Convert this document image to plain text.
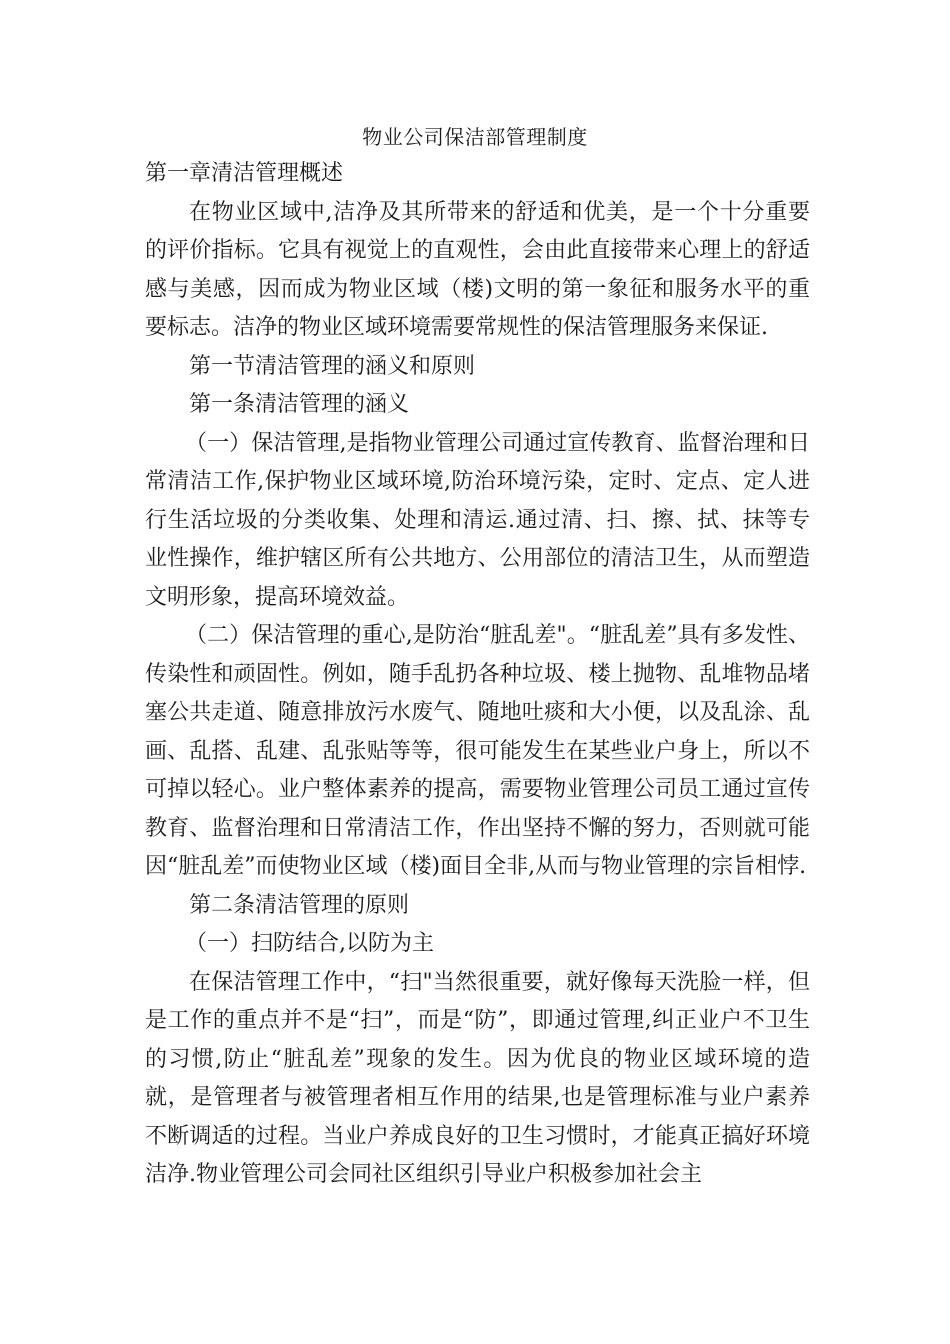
物业公司保洁部管理制度

第一章清洁管理概述

在物业区域中,洁净及其所带来的舒适和优美，是一个十分重要的评价指标。它具有视觉上的直观性，会由此直接带来心理上的舒适感与美感，因而成为物业区域（楼)文明的第一象征和服务水平的重要标志。洁净的物业区域环境需要常规性的保洁管理服务来保证.

第一节清洁管理的涵义和原则

第一条清洁管理的涵义

（一）保洁管理,是指物业管理公司通过宣传教育、监督治理和日常清洁工作,保护物业区域环境,防治环境污染，定时、定点、定人进行生活垃圾的分类收集、处理和清运.通过清、扫、擦、拭、抹等专业性操作，维护辖区所有公共地方、公用部位的清洁卫生，从而塑造文明形象，提高环境效益。

（二）保洁管理的重心,是防治“脏乱差"。“脏乱差”具有多发性、传染性和顽固性。例如，随手乱扔各种垃圾、楼上抛物、乱堆物品堵塞公共走道、随意排放污水废气、随地吐痰和大小便，以及乱涂、乱画、乱搭、乱建、乱张贴等等，很可能发生在某些业户身上，所以不可掉以轻心。业户整体素养的提高，需要物业管理公司员工通过宣传教育、监督治理和日常清洁工作，作出坚持不懈的努力，否则就可能因“脏乱差”而使物业区域（楼)面目全非,从而与物业管理的宗旨相悖.

第二条清洁管理的原则

（一）扫防结合,以防为主

在保洁管理工作中，“扫"当然很重要，就好像每天洗脸一样，但是工作的重点并不是“扫”，而是“防”，即通过管理,纠正业户不卫生的习惯,防止“脏乱差”现象的发生。因为优良的物业区域环境的造就，是管理者与被管理者相互作用的结果,也是管理标准与业户素养不断调适的过程。当业户养成良好的卫生习惯时，才能真正搞好环境洁净.物业管理公司会同社区组织引导业户积极参加社会主
